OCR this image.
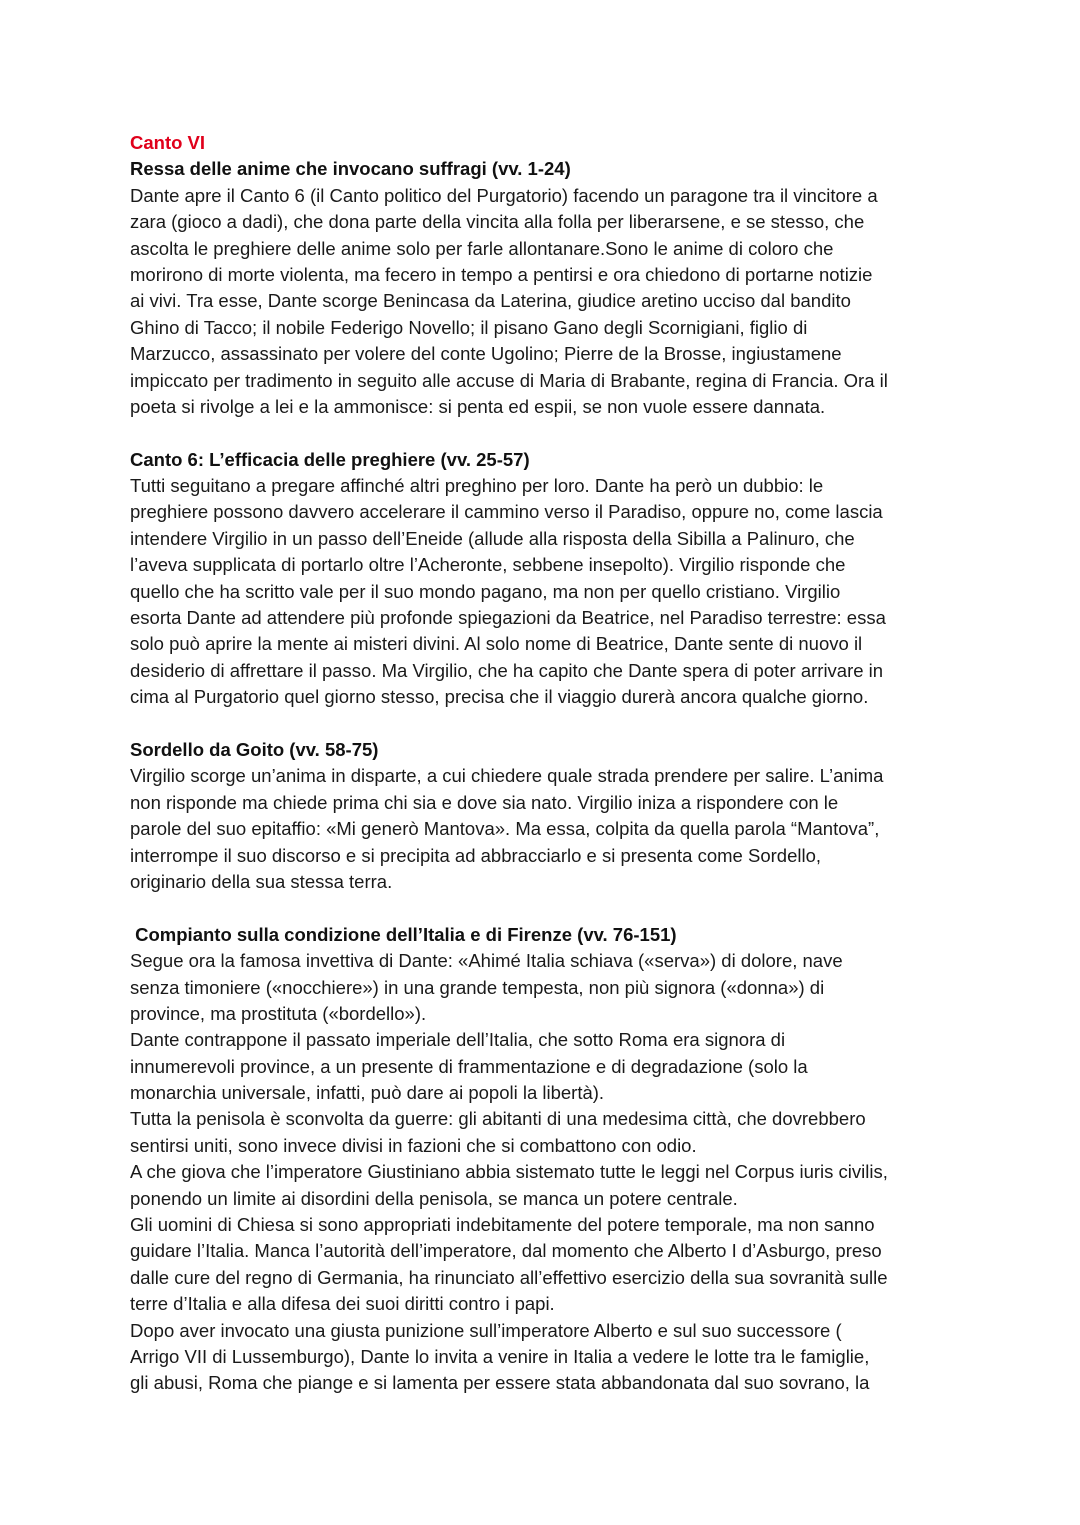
Canto VI
Ressa delle anime che invocano suffragi (vv. 1-24)
Dante apre il Canto 6 (il Canto politico del Purgatorio) facendo un paragone tra il vincitore a
zara (gioco a dadi), che dona parte della vincita alla folla per liberarsene, e se stesso, che
ascolta le preghiere delle anime solo per farle allontanare.Sono le anime di coloro che
morirono di morte violenta, ma fecero in tempo a pentirsi e ora chiedono di portarne notizie
ai vivi. Tra esse, Dante scorge Benincasa da Laterina, giudice aretino ucciso dal bandito
Ghino di Tacco; il nobile Federigo Novello; il pisano Gano degli Scornigiani, figlio di
Marzucco, assassinato per volere del conte Ugolino; Pierre de la Brosse, ingiustamene
impiccato per tradimento in seguito alle accuse di Maria di Brabante, regina di Francia. Ora il
poeta si rivolge a lei e la ammonisce: si penta ed espii, se non vuole essere dannata.
Canto 6: L’efficacia delle preghiere (vv. 25-57)
Tutti seguitano a pregare affinché altri preghino per loro. Dante ha però un dubbio: le
preghiere possono davvero accelerare il cammino verso il Paradiso, oppure no, come lascia
intendere Virgilio in un passo dell’Eneide (allude alla risposta della Sibilla a Palinuro, che
l’aveva supplicata di portarlo oltre l’Acheronte, sebbene insepolto). Virgilio risponde che
quello che ha scritto vale per il suo mondo pagano, ma non per quello cristiano. Virgilio
esorta Dante ad attendere più profonde spiegazioni da Beatrice, nel Paradiso terrestre: essa
solo può aprire la mente ai misteri divini. Al solo nome di Beatrice, Dante sente di nuovo il
desiderio di affrettare il passo. Ma Virgilio, che ha capito che Dante spera di poter arrivare in
cima al Purgatorio quel giorno stesso, precisa che il viaggio durerà ancora qualche giorno.
Sordello da Goito (vv. 58-75)
Virgilio scorge un’anima in disparte, a cui chiedere quale strada prendere per salire. L’anima
non risponde ma chiede prima chi sia e dove sia nato. Virgilio iniza a rispondere con le
parole del suo epitaffio: «Mi generò Mantova». Ma essa, colpita da quella parola “Mantova”,
interrompe il suo discorso e si precipita ad abbracciarlo e si presenta come Sordello,
originario della sua stessa terra.
Compianto sulla condizione dell’Italia e di Firenze (vv. 76-151)
Segue ora la famosa invettiva di Dante: «Ahimé Italia schiava («serva») di dolore, nave
senza timoniere («nocchiere») in una grande tempesta, non più signora («donna») di
province, ma prostituta («bordello»).
Dante contrappone il passato imperiale dell’Italia, che sotto Roma era signora di
innumerevoli province, a un presente di frammentazione e di degradazione (solo la
monarchia universale, infatti, può dare ai popoli la libertà).
Tutta la penisola è sconvolta da guerre: gli abitanti di una medesima città, che dovrebbero
sentirsi uniti, sono invece divisi in fazioni che si combattono con odio.
A che giova che l’imperatore Giustiniano abbia sistemato tutte le leggi nel Corpus iuris civilis,
ponendo un limite ai disordini della penisola, se manca un potere centrale.
Gli uomini di Chiesa si sono appropriati indebitamente del potere temporale, ma non sanno
guidare l’Italia. Manca l’autorità dell’imperatore, dal momento che Alberto I d’Asburgo, preso
dalle cure del regno di Germania, ha rinunciato all’effettivo esercizio della sua sovranità sulle
terre d’Italia e alla difesa dei suoi diritti contro i papi.
Dopo aver invocato una giusta punizione sull’imperatore Alberto e sul suo successore (
Arrigo VII di Lussemburgo), Dante lo invita a venire in Italia a vedere le lotte tra le famiglie,
gli abusi, Roma che piange e si lamenta per essere stata abbandonata dal suo sovrano, la
